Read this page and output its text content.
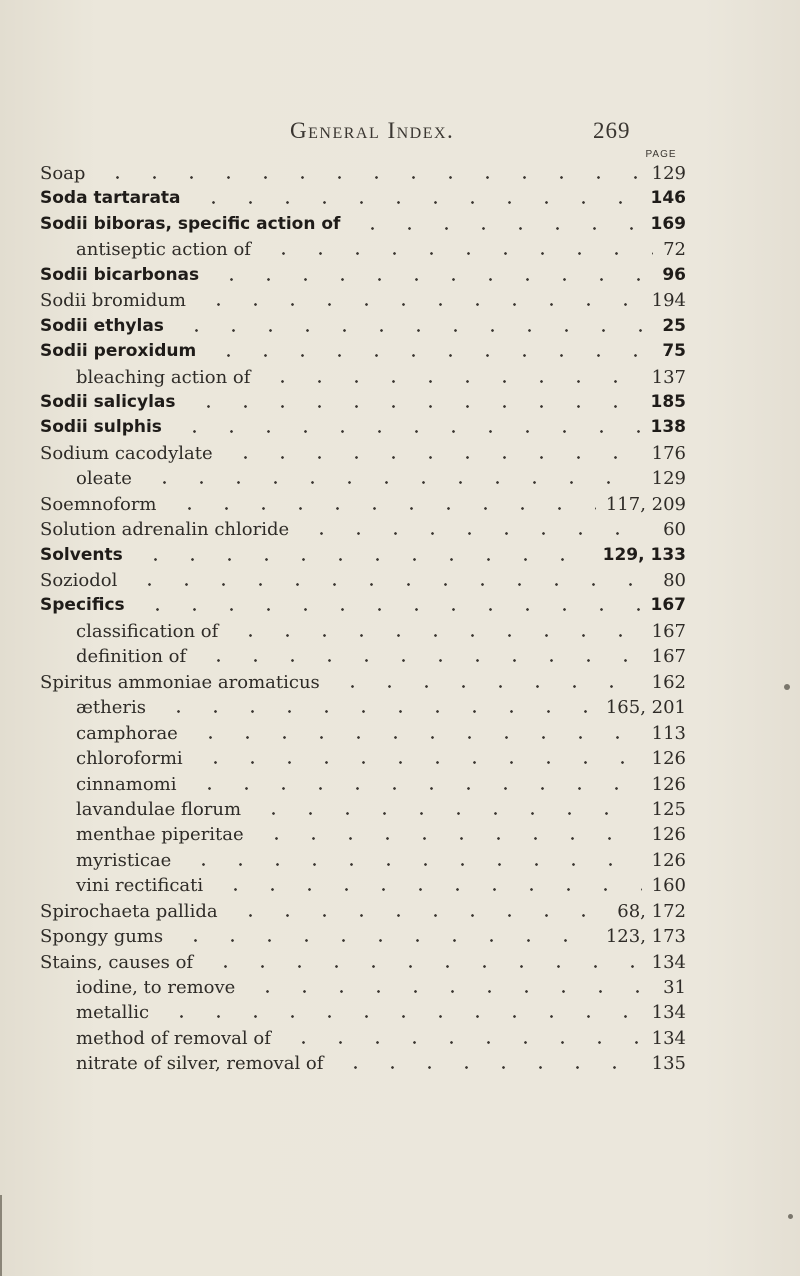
General Index.	269
PAGE
Soap	129
Soda tartarata	146
Sodii biboras, specific action of	169
antiseptic action of	72
Sodii bicarbonas	96
Sodii bromidum	194
Sodii ethylas	25
Sodii peroxidum	75
bleaching action of	137
Sodii salicylas	185
Sodii sulphis	138
Sodium cacodylate	176
oleate	129
Soemnoform	117, 209
Solution adrenalin chloride	60
Solvents	129, 133
Soziodol	80
Specifics	167
classification of	167
definition of	167
Spiritus ammoniae aromaticus	162
ætheris	165, 201
camphorae	113
chloroformi	126
cinnamomi	126
lavandulae florum	125
menthae piperitae	126
myristicae	126
vini rectificati	160
Spirochaeta pallida	68, 172
Spongy gums	123, 173
Stains, causes of	134
iodine, to remove	31
metallic	134
method of removal of	134
nitrate of silver, removal of	135
